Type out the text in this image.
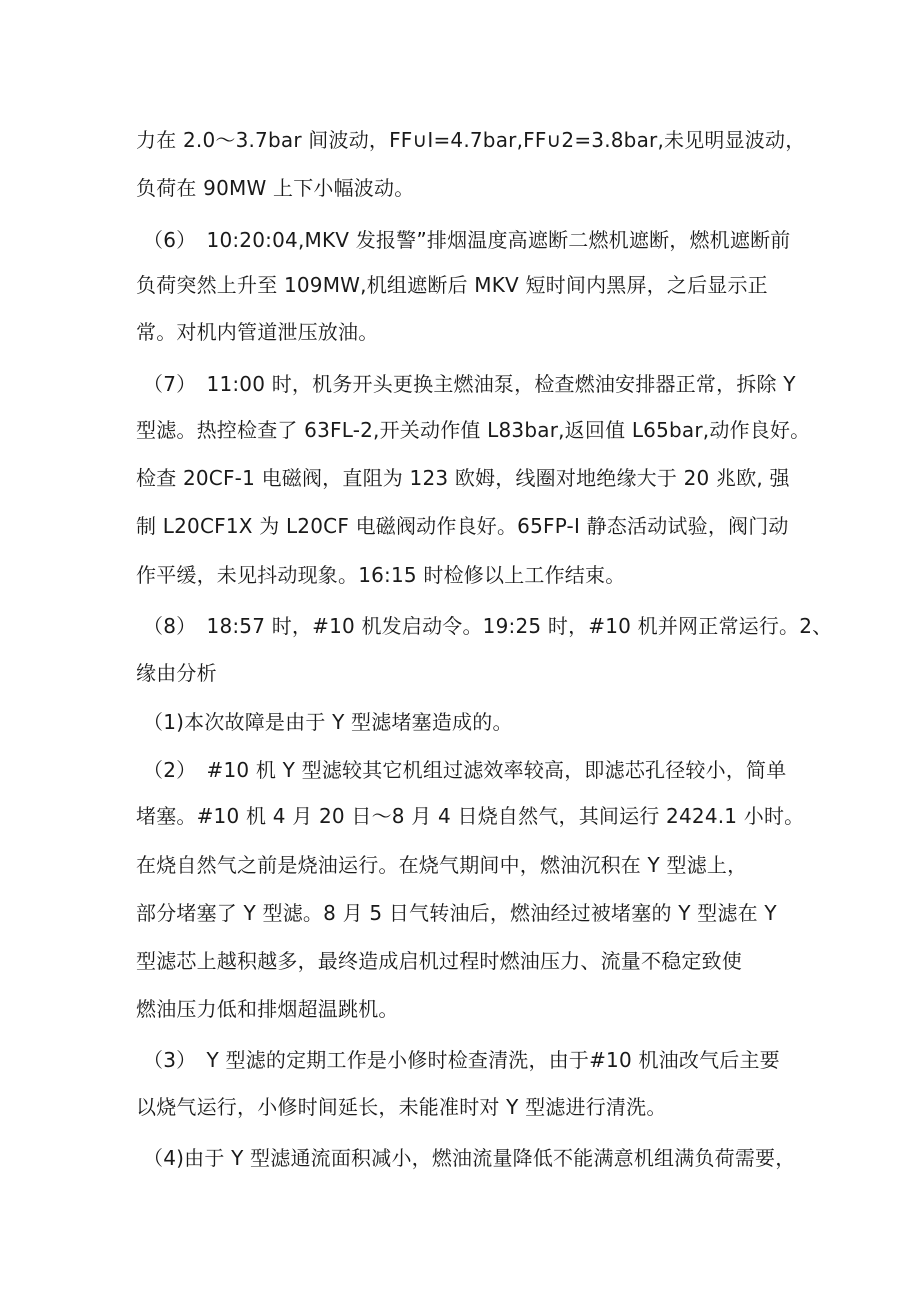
力在 2.0～3.7bar 间波动，FF∪I=4.7bar,FF∪2=3.8bar,未见明显波动，
负荷在 90MW 上下小幅波动。
（6）　10:20:04,MKV 发报警”排烟温度高遮断二燃机遮断，燃机遮断前
负荷突然上升至 109MW,机组遮断后 MKV 短时间内黑屏，之后显示正
常。对机内管道泄压放油。
（7）　11:00 时，机务开头更换主燃油泵，检查燃油安排器正常，拆除 Y
型滤。热控检查了 63FL-2,开关动作值 L83bar,返回值 L65bar,动作良好。
检查 20CF-1 电磁阀，直阻为 123 欧姆，线圈对地绝缘大于 20 兆欧, 强
制 L20CF1X 为 L20CF 电磁阀动作良好。65FP-I 静态活动试验，阀门动
作平缓，未见抖动现象。16:15 时检修以上工作结束。
（8）　18:57 时，#10 机发启动令。19:25 时，#10 机并网正常运行。2、
缘由分析
（1)本次故障是由于 Y 型滤堵塞造成的。
（2）　#10 机 Y 型滤较其它机组过滤效率较高，即滤芯孔径较小，简单
堵塞。#10 机 4 月 20 日～8 月 4 日烧自然气，其间运行 2424.1 小时。
在烧自然气之前是烧油运行。在烧气期间中，燃油沉积在 Y 型滤上，
部分堵塞了 Y 型滤。8 月 5 日气转油后，燃油经过被堵塞的 Y 型滤在 Y
型滤芯上越积越多，最终造成启机过程时燃油压力、流量不稳定致使
燃油压力低和排烟超温跳机。
（3）　Y 型滤的定期工作是小修时检查清洗，由于#10 机油改气后主要
以烧气运行，小修时间延长，未能准时对 Y 型滤进行清洗。
（4)由于 Y 型滤通流面积减小，燃油流量降低不能满意机组满负荷需要，
